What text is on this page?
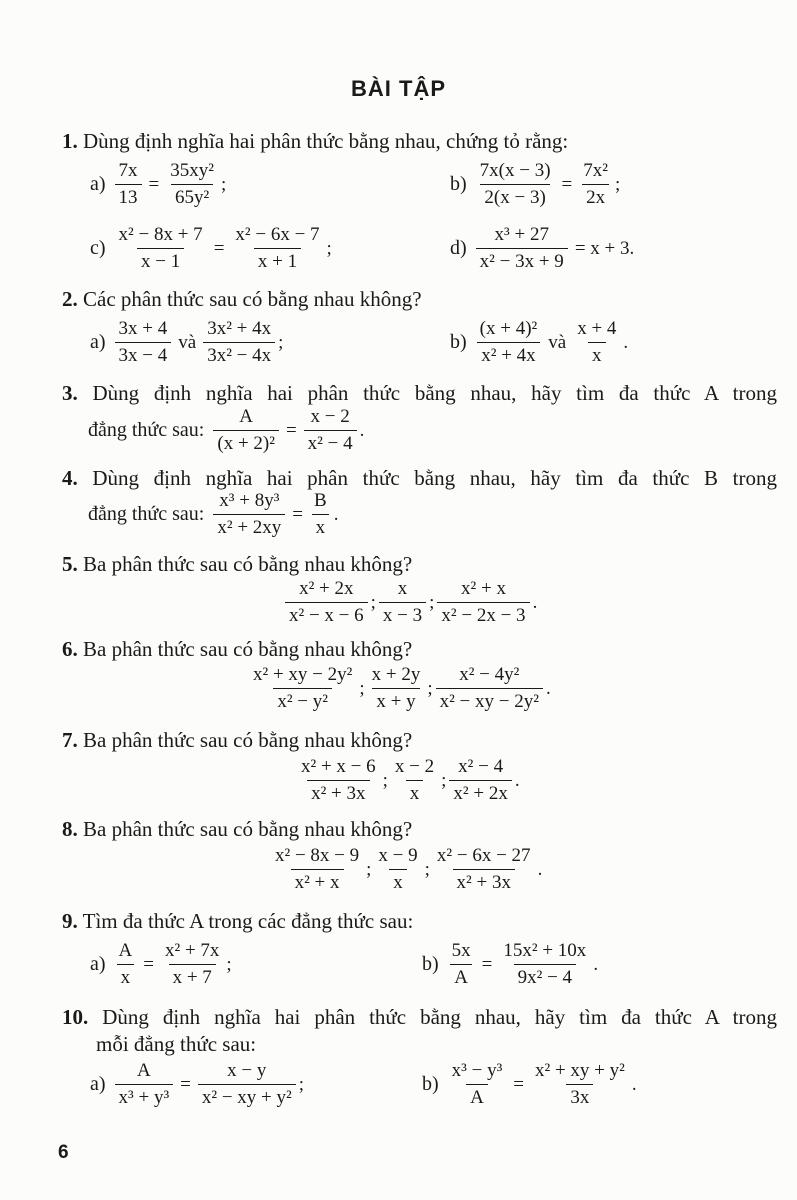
BÀI TẬP
1. Dùng định nghĩa hai phân thức bằng nhau, chứng tỏ rằng:
$a) \frac{7x}{13} = \frac{\text{35xy²}}{\text{65y²}}$ ;	$b) \frac{7x(x - 3)}{2(x - 3)} = \frac{\text{7x²}}{2x}$ ;
$c) \frac{\text{x² − 8x + 7}}{x - 1} = \frac{\text{x² − 6x − 7}}{x + 1}$ ;	$d) \frac{\text{x³ + 27}}{\text{x² − 3x + 9}} = x + 3$.
2. Các phân thức sau có bằng nhau không?
$a) \frac{3x + 4}{3x - 4}$ và $\frac{\text{3x² + 4x}}{\text{3x² − 4x}}$ ;	$b) \frac{\text{(x + 4)²}}{\text{x² + 4x}}$ và $\frac{x + 4}{x}$ .
3. Dùng định nghĩa hai phân thức bằng nhau, hãy tìm đa thức A trong
đẳng thức sau: $\frac{A}{\text{(x + 2)²}} = \frac{x - 2}{\text{x² − 4}}$ .
4. Dùng định nghĩa hai phân thức bằng nhau, hãy tìm đa thức B trong
đẳng thức sau: $\frac{\text{x³ + 8y³}}{\text{x² + 2xy}} = \frac{B}{x}$ .
5. Ba phân thức sau có bằng nhau không?
$\frac{\text{x² + 2x}}{\text{x² − x − 6}}$ ; $\frac{x}{x - 3}$ ; $\frac{\text{x² + x}}{\text{x² − 2x − 3}}$ .
6. Ba phân thức sau có bằng nhau không?
$\frac{\text{x² + xy − 2y²}}{\text{x² − y²}}$ ; $\frac{x + 2y}{x + y}$ ; $\frac{\text{x² − 4y²}}{\text{x² − xy − 2y²}}$ .
7. Ba phân thức sau có bằng nhau không?
$\frac{\text{x² + x − 6}}{\text{x² + 3x}}$ ; $\frac{x - 2}{x}$ ; $\frac{\text{x² − 4}}{\text{x² + 2x}}$ .
8. Ba phân thức sau có bằng nhau không?
$\frac{\text{x² − 8x − 9}}{\text{x² + x}}$ ; $\frac{x - 9}{x}$ ; $\frac{\text{x² − 6x − 27}}{\text{x² + 3x}}$ .
9. Tìm đa thức A trong các đẳng thức sau:
$a) \frac{A}{x} = \frac{\text{x² + 7x}}{x + 7}$ ;	$b) \frac{5x}{A} = \frac{\text{15x² + 10x}}{\text{9x² − 4}}$ .
10. Dùng định nghĩa hai phân thức bằng nhau, hãy tìm đa thức A trong
mỗi đẳng thức sau:
$a) \frac{A}{\text{x³ + y³}} = \frac{x - y}{\text{x² − xy + y²}}$ ;	$b) \frac{\text{x³ − y³}}{A} = \frac{\text{x² + xy + y²}}{3x}$ .
6
